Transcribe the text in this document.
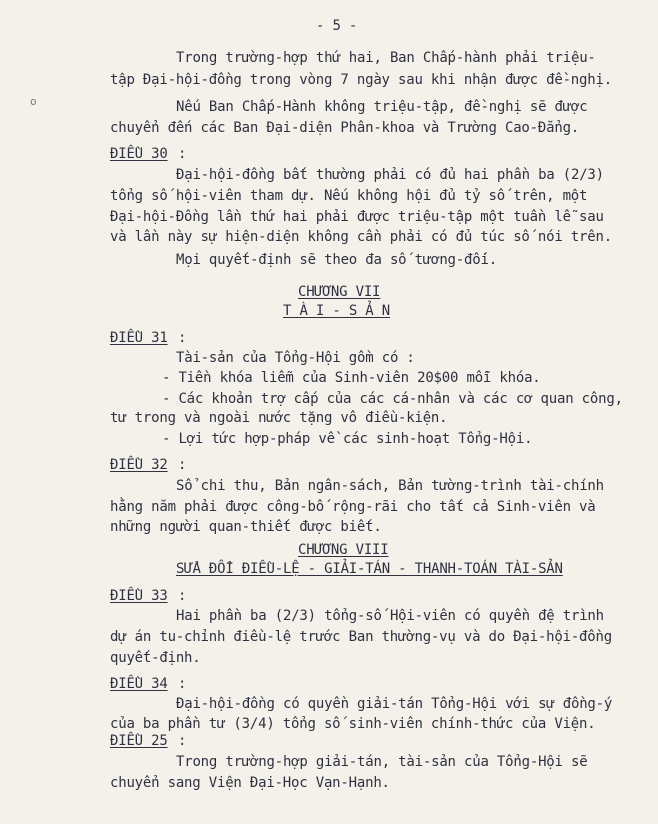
- 5 -
o
Trong trường-hợp thứ hai, Ban Chấp-hành phải triệu-
tập Đại-hội-đồng trong vòng 7 ngày sau khi nhận được đề-nghị.
Nếu Ban Chấp-Hành không triệu-tập, đề-nghị sẽ được
chuyển đến các Ban Đại-diện Phân-khoa và Trường Cao-Đẳng.
ĐIỀU 30 :
Đại-hội-đồng bất thường phải có đủ hai phần ba (2/3)
tổng số hội-viên tham dự. Nếu không hội đủ tỷ số trên, một
Đại-hội-Đồng lần thứ hai phải được triệu-tập một tuần lễ sau
và lần này sự hiện-diện không cần phải có đủ túc số nói trên.
Mọi quyết-định sẽ theo đa số tương-đối.
CHƯƠNG VII
T À I - S Ả N
ĐIỀU 31 :
Tài-sản của Tổng-Hội gồm có :
- Tiền khóa liễm của Sinh-viên 20$00 mỗi khóa.
- Các khoản trợ cấp của các cá-nhân và các cơ quan công,
tư trong và ngoài nước tặng vô điều-kiện.
- Lợi tức hợp-pháp về các sinh-hoạt Tổng-Hội.
ĐIỀU 32 :
Sổ chi thu, Bản ngân-sách, Bản tường-trình tài-chính
hằng năm phải được công-bố rộng-rãi cho tất cả Sinh-viên và
những người quan-thiết được biết.
CHƯƠNG VIII
SỬA ĐỔI ĐIỀU-LỆ - GIẢI-TÁN - THANH-TOÁN TÀI-SẢN
ĐIỀU 33 :
Hai phần ba (2/3) tổng-số Hội-viên có quyền đệ trình
dự án tu-chỉnh điều-lệ trước Ban thường-vụ và do Đại-hội-đồng
quyết-định.
ĐIỀU 34 :
Đại-hội-đồng có quyền giải-tán Tổng-Hội với sự đồng-ý
của ba phần tư (3/4) tổng số sinh-viên chính-thức của Viện.
ĐIỀU 25 :
Trong trường-hợp giải-tán, tài-sản của Tổng-Hội sẽ
chuyển sang Viện Đại-Học Vạn-Hạnh.
